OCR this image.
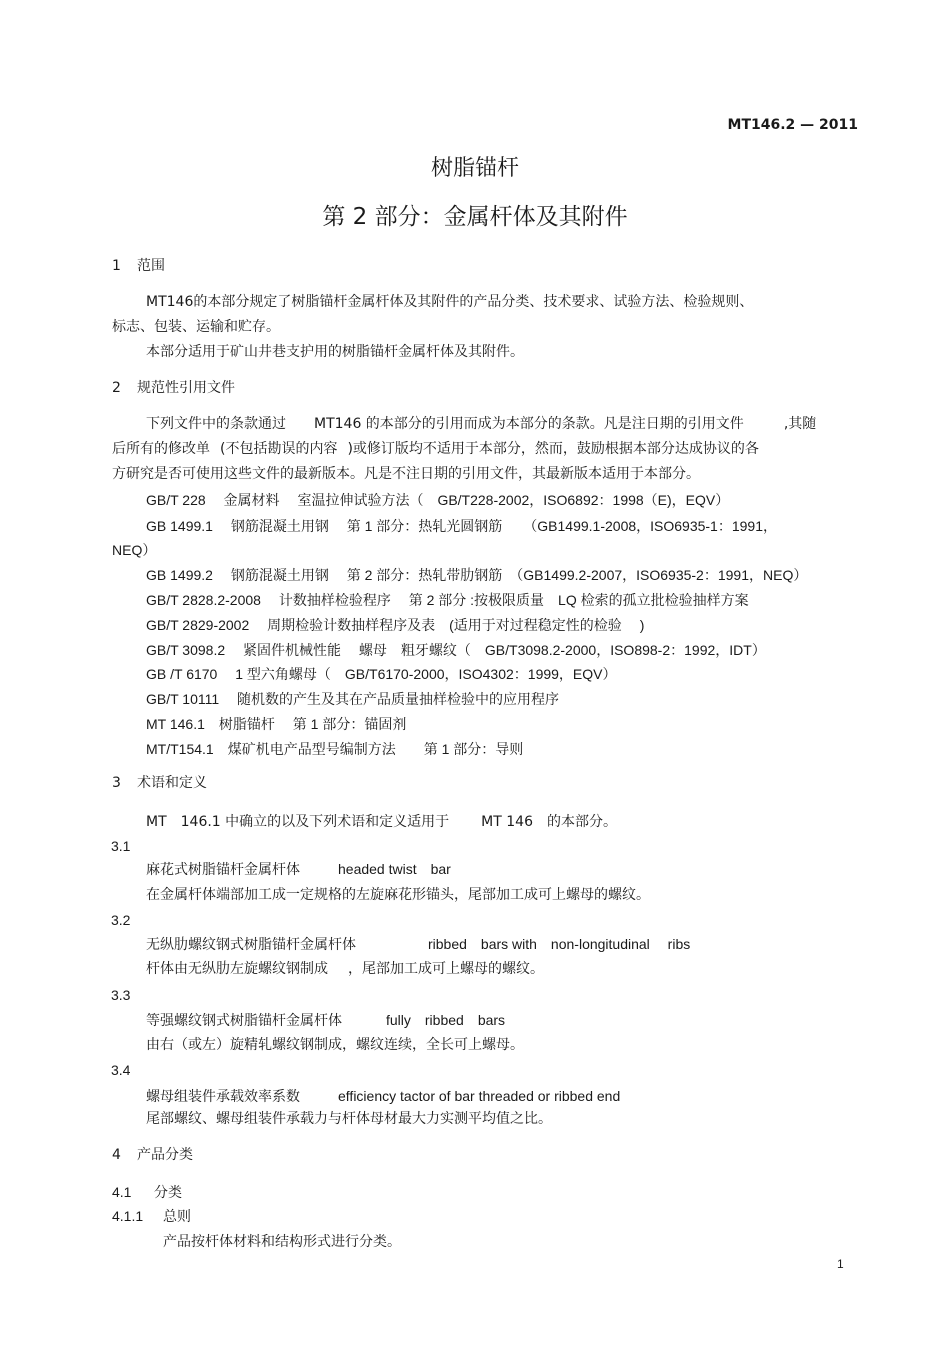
MT146.2 — 2011
树脂锚杆
第 2 部分：金属杆体及其附件
1 范围
MT146的本部分规定了树脂锚杆金属杆体及其附件的产品分类、技术要求、试验方法、检验规则、
标志、包装、运输和贮存。
本部分适用于矿山井巷支护用的树脂锚杆金属杆体及其附件。
2 规范性引用文件
下列文件中的条款通过 MT146 的本部分的引用而成为本部分的条款。凡是注日期的引用文件	,其随
后所有的修改单 (不包括勘误的内容 )或修订版均不适用于本部分，然而，鼓励根据本部分达成协议的各
方研究是否可使用这些文件的最新版本。凡是不注日期的引用文件，其最新版本适用于本部分。
GB/T 228　 金属材料　 室温拉伸试验方法（　GB/T228-2002，ISO6892：1998（E)，EQV）
GB 1499.1　 钢筋混凝土用钢　 第 1 部分：热轧光圆钢筋　　（GB1499.1-2008，ISO6935-1：1991，
NEQ）
GB 1499.2　 钢筋混凝土用钢　 第 2 部分：热轧带肋钢筋　（GB1499.2-2007，ISO6935-2：1991，NEQ）
GB/T 2828.2-2008　 计数抽样检验程序　 第 2 部分 :按极限质量　LQ 检索的孤立批检验抽样方案
GB/T 2829-2002　 周期检验计数抽样程序及表　(适用于对过程稳定性的检验　 )
GB/T 3098.2　 紧固件机械性能　 螺母　粗牙螺纹（　GB/T3098.2-2000，ISO898-2：1992，IDT）
GB /T 6170　 1 型六角螺母（　GB/T6170-2000，ISO4302：1999，EQV）
GB/T 10111　 随机数的产生及其在产品质量抽样检验中的应用程序
MT 146.1　树脂锚杆　 第 1 部分：锚固剂
MT/T154.1　煤矿机电产品型号编制方法　　第 1 部分：导则
3 术语和定义
MT　146.1 中确立的以及下列术语和定义适用于 MT 146　的本部分。
3.1
麻花式树脂锚杆金属杆体	headed twist　bar
在金属杆体端部加工成一定规格的左旋麻花形锚头，尾部加工成可上螺母的螺纹。
3.2
无纵肋螺纹钢式树脂锚杆金属杆体	ribbed　bars with　non-longitudinal　 ribs
杆体由无纵肋左旋螺纹钢制成 ，尾部加工成可上螺母的螺纹。
3.3
等强螺纹钢式树脂锚杆金属杆体	fully　ribbed　bars
由右（或左）旋精轧螺纹钢制成，螺纹连续，全长可上螺母。
3.4
螺母组装件承载效率系数	efficiency tactor of bar threaded or ribbed end
尾部螺纹、螺母组装件承载力与杆体母材最大力实测平均值之比。
4 产品分类
4.1 分类
4.1.1 总则
产品按杆体材料和结构形式进行分类。
1
